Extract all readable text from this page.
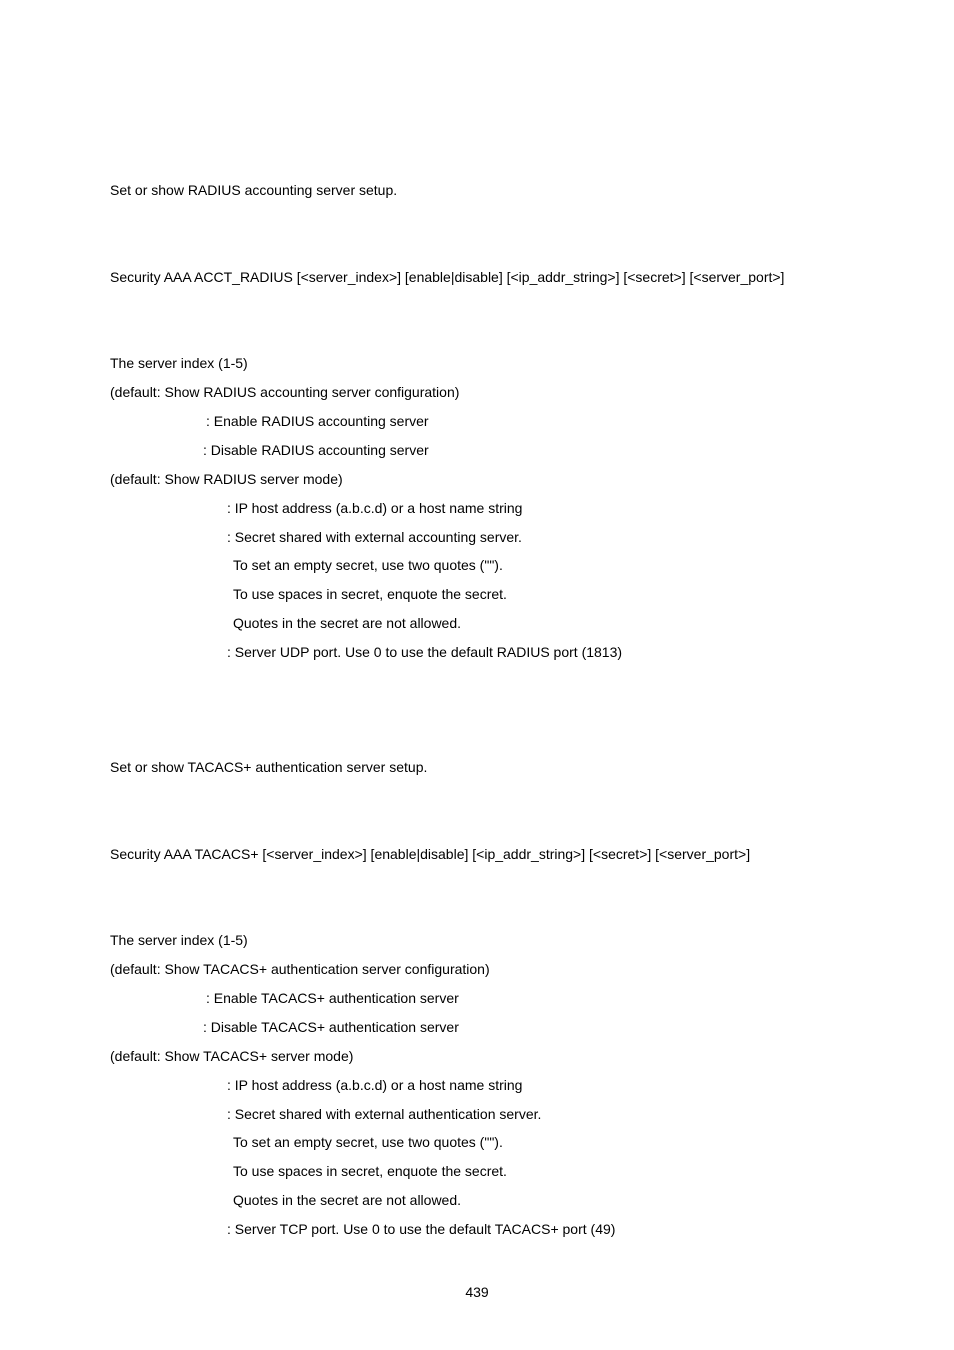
Set or show RADIUS accounting server setup.
Security AAA ACCT_RADIUS [<server_index>] [enable|disable] [<ip_addr_string>] [<secret>] [<server_port>]
The server index (1-5)
(default: Show RADIUS accounting server configuration)
: Enable RADIUS accounting server
: Disable RADIUS accounting server
(default: Show RADIUS server mode)
: IP host address (a.b.c.d) or a host name string
: Secret shared with external accounting server.
To set an empty secret, use two quotes ("").
To use spaces in secret, enquote the secret.
Quotes in the secret are not allowed.
: Server UDP port. Use 0 to use the default RADIUS port (1813)
Set or show TACACS+ authentication server setup.
Security AAA TACACS+ [<server_index>] [enable|disable] [<ip_addr_string>] [<secret>] [<server_port>]
The server index (1-5)
(default: Show TACACS+ authentication server configuration)
: Enable TACACS+ authentication server
: Disable TACACS+ authentication server
(default: Show TACACS+ server mode)
: IP host address (a.b.c.d) or a host name string
: Secret shared with external authentication server.
To set an empty secret, use two quotes ("").
To use spaces in secret, enquote the secret.
Quotes in the secret are not allowed.
: Server TCP port. Use 0 to use the default TACACS+ port (49)
439
